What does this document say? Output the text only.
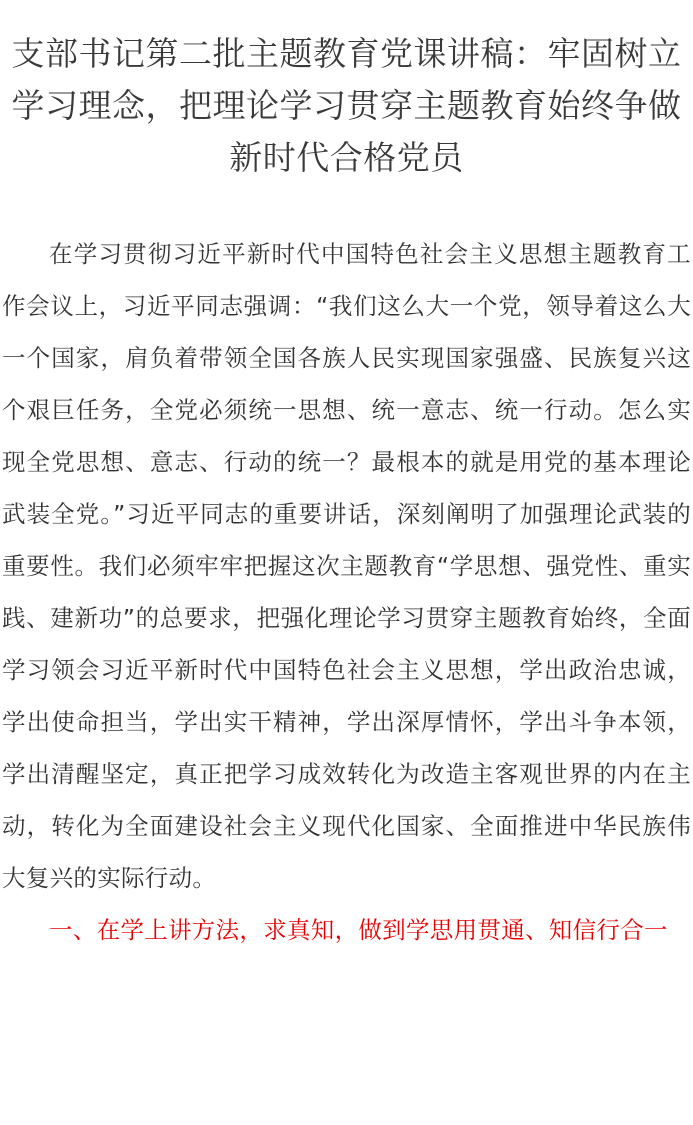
支部书记第二批主题教育党课讲稿：牢固树立学习理念，把理论学习贯穿主题教育始终争做新时代合格党员

在学习贯彻习近平新时代中国特色社会主义思想主题教育工作会议上，习近平同志强调：“我们这么大一个党，领导着这么大一个国家，肩负着带领全国各族人民实现国家强盛、民族复兴这个艰巨任务，全党必须统一思想、统一意志、统一行动。怎么实现全党思想、意志、行动的统一？最根本的就是用党的基本理论武装全党。”习近平同志的重要讲话，深刻阐明了加强理论武装的重要性。我们必须牢牢把握这次主题教育“学思想、强党性、重实践、建新功”的总要求，把强化理论学习贯穿主题教育始终，全面学习领会习近平新时代中国特色社会主义思想，学出政治忠诚，学出使命担当，学出实干精神，学出深厚情怀，学出斗争本领，学出清醒坚定，真正把学习成效转化为改造主客观世界的内在主动，转化为全面建设社会主义现代化国家、全面推进中华民族伟大复兴的实际行动。

一、在学上讲方法，求真知，做到学思用贯通、知信行合一
